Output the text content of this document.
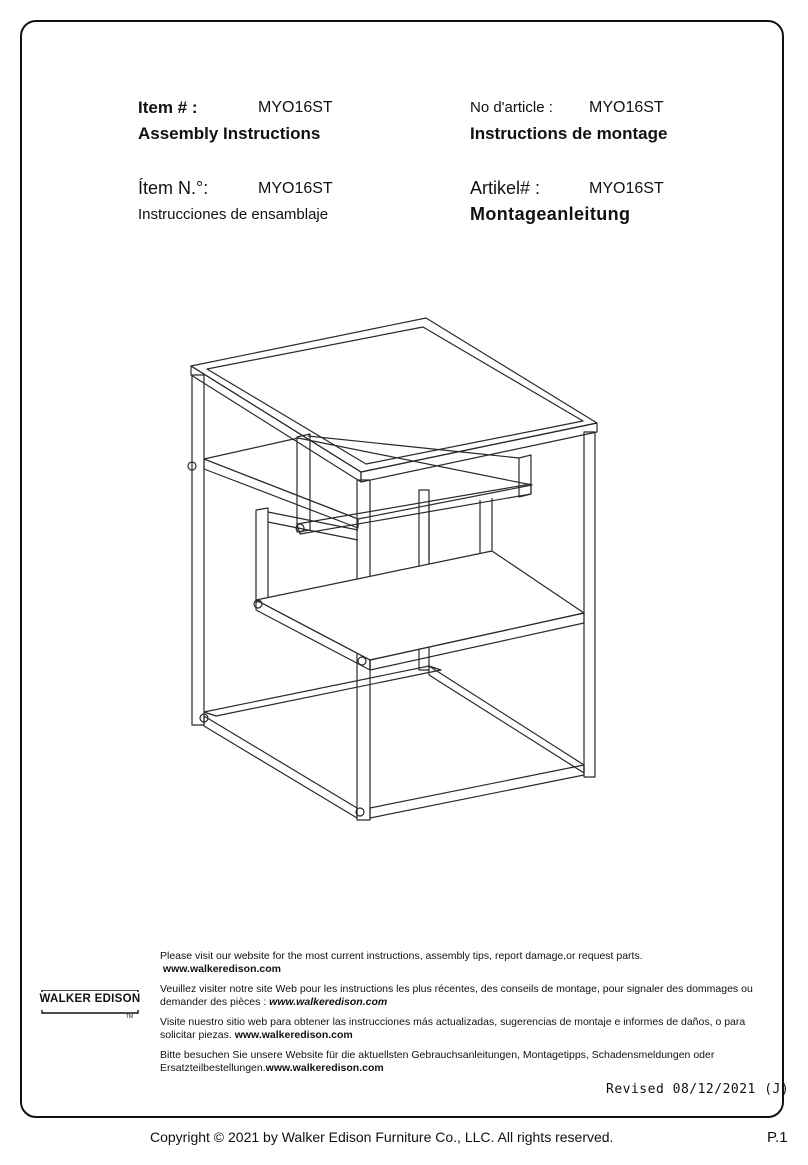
Item # :	MYO16ST
Assembly Instructions
No d'article : MYO16ST
Instructions de montage
Ítem N.°:	MYO16ST
Instrucciones de ensamblaje
Artikel# :	MYO16ST
Montageanleitung

Please visit our website for the most current instructions, assembly tips, report damage,or request parts.  www.walkeredison.com

Veuillez visiter notre site Web pour les instructions les plus récentes, des conseils de montage, pour signaler des dommages ou demander des pièces : www.walkeredison.com

Visite nuestro sitio web para obtener las instrucciones más actualizadas, sugerencias de montaje e informes de daños, o para solicitar piezas. www.walkeredison.com

Bitte besuchen Sie unsere Website für die aktuellsten Gebrauchsanleitungen, Montagetipps, Schadensmeldungen oder Ersatzteilbestellungen.www.walkeredison.com

WALKER EDISON
TM
Revised 08/12/2021 (J)
Copyright © 2021 by Walker Edison Furniture Co., LLC. All rights reserved.	P.1
